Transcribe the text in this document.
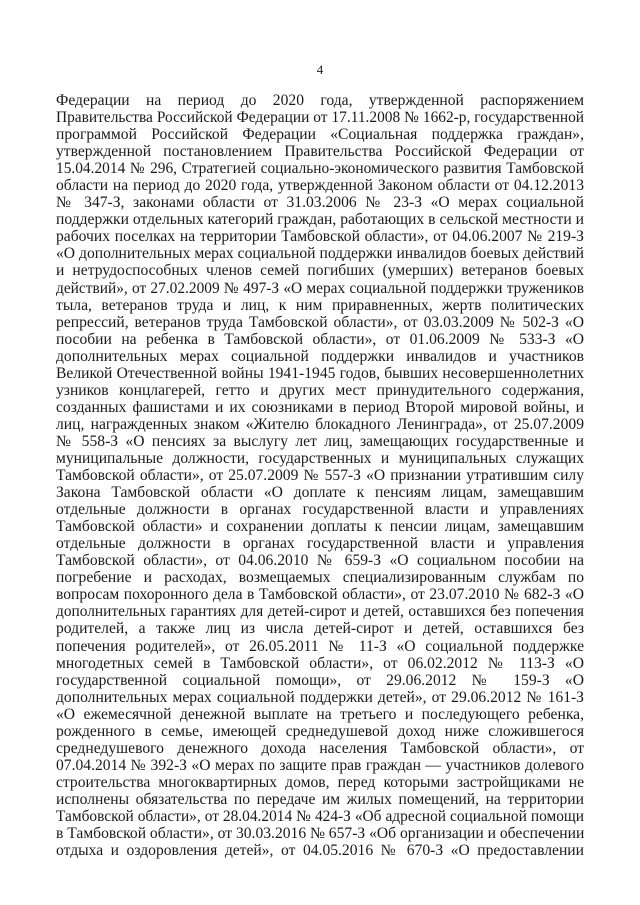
4
Федерации на период до 2020 года, утвержденной распоряжением
Правительства Российской Федерации от 17.11.2008 № 1662-р, государственной
программой Российской Федерации «Социальная поддержка граждан»,
утвержденной постановлением Правительства Российской Федерации от
15.04.2014 № 296, Стратегией социально-экономического развития Тамбовской
области на период до 2020 года, утвержденной Законом области от 04.12.2013
№ 347-З, законами области от 31.03.2006 № 23-З «О мерах социальной
поддержки отдельных категорий граждан, работающих в сельской местности и
рабочих поселках на территории Тамбовской области», от 04.06.2007 № 219-З
«О дополнительных мерах социальной поддержки инвалидов боевых действий
и нетрудоспособных членов семей погибших (умерших) ветеранов боевых
действий», от 27.02.2009 № 497-З «О мерах социальной поддержки тружеников
тыла, ветеранов труда и лиц, к ним приравненных, жертв политических
репрессий, ветеранов труда Тамбовской области», от 03.03.2009 № 502-З «О
пособии на ребенка в Тамбовской области», от 01.06.2009 № 533-З «О
дополнительных мерах социальной поддержки инвалидов и участников
Великой Отечественной войны 1941-1945 годов, бывших несовершеннолетних
узников концлагерей, гетто и других мест принудительного содержания,
созданных фашистами и их союзниками в период Второй мировой войны, и
лиц, награжденных знаком «Жителю блокадного Ленинграда», от 25.07.2009
№ 558-З «О пенсиях за выслугу лет лиц, замещающих государственные и
муниципальные должности, государственных и муниципальных служащих
Тамбовской области», от 25.07.2009 № 557-З «О признании утратившим силу
Закона Тамбовской области «О доплате к пенсиям лицам, замещавшим
отдельные должности в органах государственной власти и управлениях
Тамбовской области» и сохранении доплаты к пенсии лицам, замещавшим
отдельные должности в органах государственной власти и управления
Тамбовской области», от 04.06.2010 № 659-З «О социальном пособии на
погребение и расходах, возмещаемых специализированным службам по
вопросам похоронного дела в Тамбовской области», от 23.07.2010 № 682-З «О
дополнительных гарантиях для детей-сирот и детей, оставшихся без попечения
родителей, а также лиц из числа детей-сирот и детей, оставшихся без
попечения родителей», от 26.05.2011 № 11-З «О социальной поддержке
многодетных семей в Тамбовской области», от 06.02.2012 № 113-З «О
государственной социальной помощи», от 29.06.2012 № 159-З «О
дополнительных мерах социальной поддержки детей», от 29.06.2012 № 161-З
«О ежемесячной денежной выплате на третьего и последующего ребенка,
рожденного в семье, имеющей среднедушевой доход ниже сложившегося
среднедушевого денежного дохода населения Тамбовской области», от
07.04.2014 № 392-З «О мерах по защите прав граждан — участников долевого
строительства многоквартирных домов, перед которыми застройщиками не
исполнены обязательства по передаче им жилых помещений, на территории
Тамбовской области», от 28.04.2014 № 424-З «Об адресной социальной помощи
в Тамбовской области», от 30.03.2016 № 657-З «Об организации и обеспечении
отдыха и оздоровления детей», от 04.05.2016 № 670-З «О предоставлении
